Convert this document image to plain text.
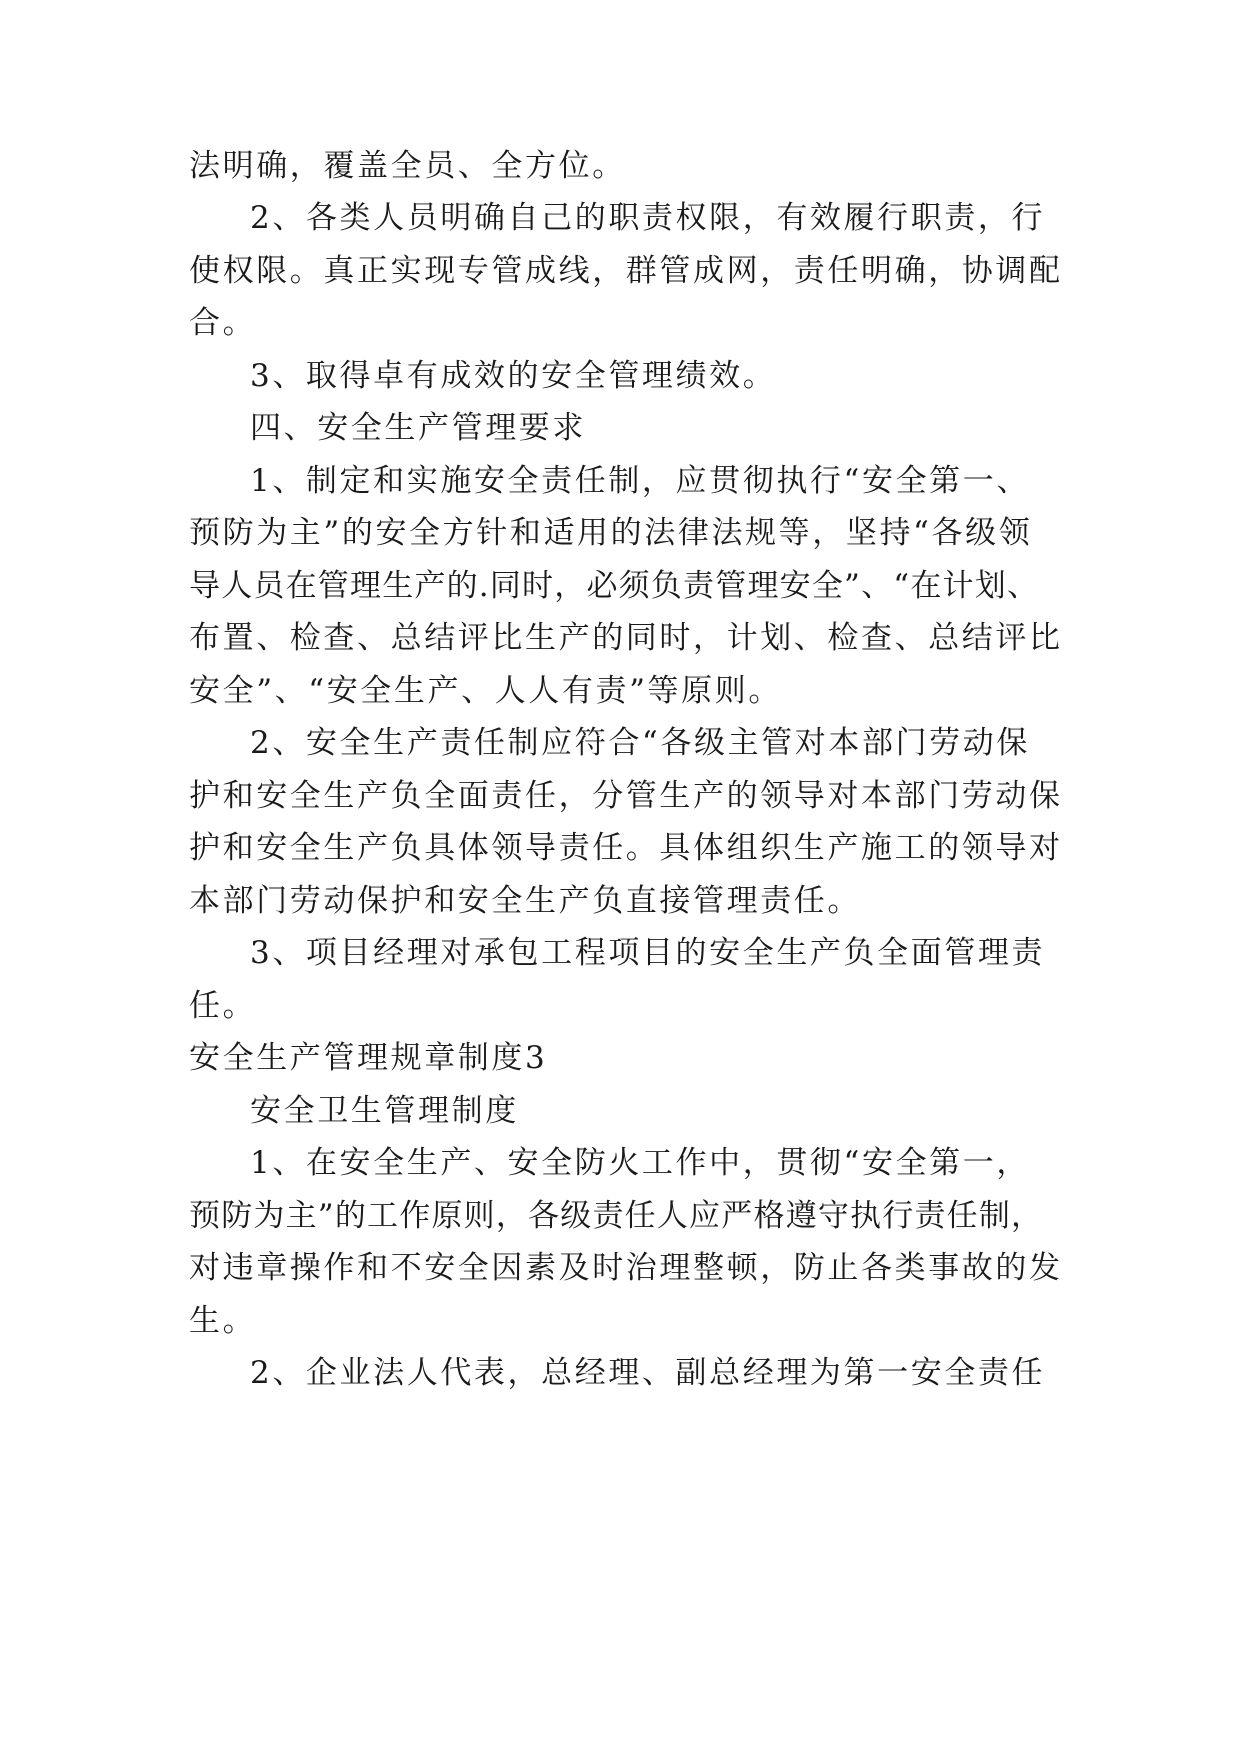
法明确，覆盖全员、全方位。
2、各类人员明确自己的职责权限，有效履行职责，行
使权限。真正实现专管成线，群管成网，责任明确，协调配
合。
3、取得卓有成效的安全管理绩效。
四、安全生产管理要求
1、制定和实施安全责任制，应贯彻执行“安全第一、
预防为主”的安全方针和适用的法律法规等，坚持“各级领
导人员在管理生产的.同时，必须负责管理安全”、“在计划、
布置、检查、总结评比生产的同时，计划、检查、总结评比
安全”、“安全生产、人人有责”等原则。
2、安全生产责任制应符合“各级主管对本部门劳动保
护和安全生产负全面责任，分管生产的领导对本部门劳动保
护和安全生产负具体领导责任。具体组织生产施工的领导对
本部门劳动保护和安全生产负直接管理责任。
3、项目经理对承包工程项目的安全生产负全面管理责
任。
安全生产管理规章制度3
安全卫生管理制度
1、在安全生产、安全防火工作中，贯彻“安全第一，
预防为主”的工作原则，各级责任人应严格遵守执行责任制，
对违章操作和不安全因素及时治理整顿，防止各类事故的发
生。
2、企业法人代表，总经理、副总经理为第一安全责任
